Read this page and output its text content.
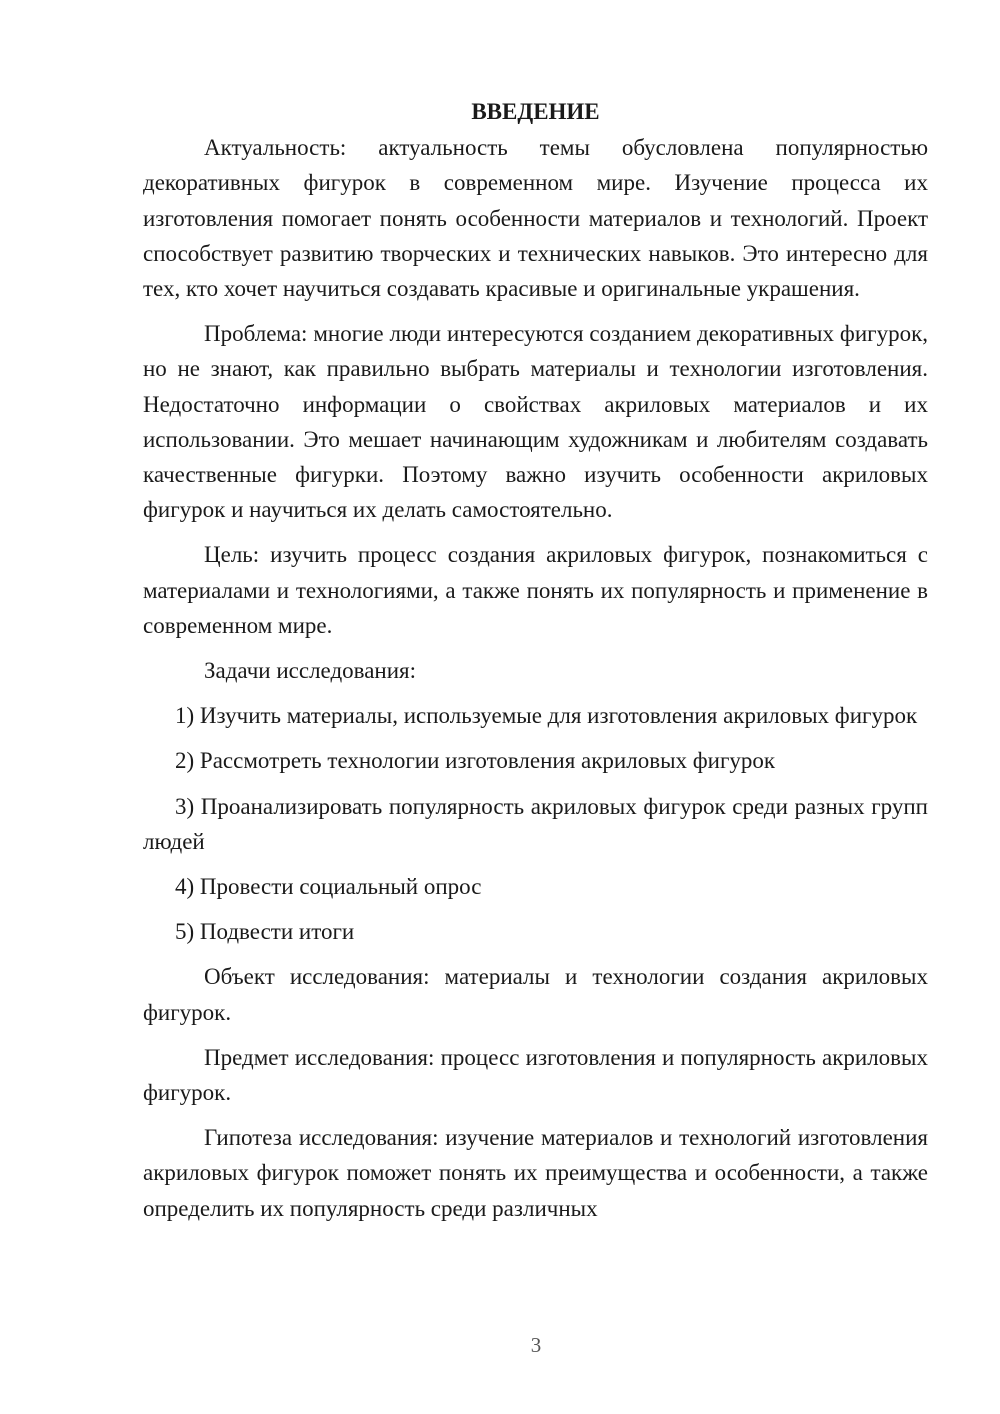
ВВЕДЕНИЕ

Актуальность: актуальность темы обусловлена популярностью декоративных фигурок в современном мире. Изучение процесса их изготовления помогает понять особенности материалов и технологий. Проект способствует развитию творческих и технических навыков. Это интересно для тех, кто хочет научиться создавать красивые и оригинальные украшения.

Проблема: многие люди интересуются созданием декоративных фигурок, но не знают, как правильно выбрать материалы и технологии изготовления. Недостаточно информации о свойствах акриловых материалов и их использовании. Это мешает начинающим художникам и любителям создавать качественные фигурки. Поэтому важно изучить особенности акриловых фигурок и научиться их делать самостоятельно.

Цель: изучить процесс создания акриловых фигурок, познакомиться с материалами и технологиями, а также понять их популярность и применение в современном мире.

Задачи исследования:

1) Изучить материалы, используемые для изготовления акриловых фигурок

2) Рассмотреть технологии изготовления акриловых фигурок

3) Проанализировать популярность акриловых фигурок среди разных групп людей

4) Провести социальный опрос

5) Подвести итоги

Объект исследования: материалы и технологии создания акриловых фигурок.

Предмет исследования: процесс изготовления и популярность акриловых фигурок.

Гипотеза исследования: изучение материалов и технологий изготовления акриловых фигурок поможет понять их преимущества и особенности, а также определить их популярность среди различных

3
